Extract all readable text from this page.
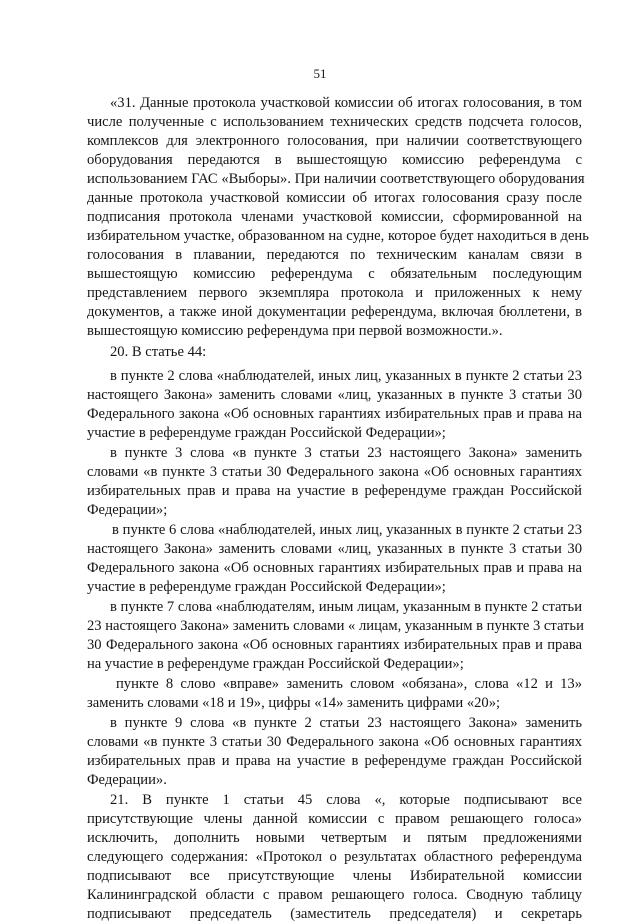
51
«31. Данные протокола участковой комиссии об итогах голосования, в том
числе полученные с использованием технических средств подсчета голосов,
комплексов для электронного голосования, при наличии соответствующего
оборудования передаются в вышестоящую комиссию референдума с
использованием ГАС «Выборы». При наличии соответствующего оборудования
данные протокола участковой комиссии об итогах голосования сразу после
подписания протокола членами участковой комиссии, сформированной на
избирательном участке, образованном на судне, которое будет находиться в день
голосования в плавании, передаются по техническим каналам связи в
вышестоящую комиссию референдума с обязательным последующим
представлением первого экземпляра протокола и приложенных к нему
документов, а также иной документации референдума, включая бюллетени, в
вышестоящую комиссию референдума при первой возможности.».
20. В статье 44:
в пункте 2 слова «наблюдателей, иных лиц, указанных в пункте 2 статьи 23
настоящего Закона» заменить словами «лиц, указанных в пункте 3 статьи 30
Федерального закона «Об основных гарантиях избирательных прав и права на
участие в референдуме граждан Российской Федерации»;
в пункте 3 слова «в пункте 3 статьи 23 настоящего Закона» заменить
словами «в пункте 3 статьи 30 Федерального закона «Об основных гарантиях
избирательных прав и права на участие в референдуме граждан Российской
Федерации»;
в пункте 6 слова «наблюдателей, иных лиц, указанных в пункте 2 статьи 23
настоящего Закона» заменить словами «лиц, указанных в пункте 3 статьи 30
Федерального закона «Об основных гарантиях избирательных прав и права на
участие в референдуме граждан Российской Федерации»;
в пункте 7 слова «наблюдателям, иным лицам, указанным в пункте 2 статьи
23 настоящего Закона» заменить словами « лицам, указанным в пункте 3 статьи
30 Федерального закона «Об основных гарантиях избирательных прав и права
на участие в референдуме граждан Российской Федерации»;
пункте 8 слово «вправе» заменить словом «обязана», слова «12 и 13»
заменить словами «18 и 19», цифры «14» заменить цифрами «20»;
в пункте 9 слова «в пункте 2 статьи 23 настоящего Закона» заменить
словами «в пункте 3 статьи 30 Федерального закона «Об основных гарантиях
избирательных прав и права на участие в референдуме граждан Российской
Федерации».
21. В пункте 1 статьи 45 слова «, которые подписывают все
присутствующие члены данной комиссии с правом решающего голоса»
исключить, дополнить новыми четвертым и пятым предложениями
следующего содержания: «Протокол о результатах областного референдума
подписывают все присутствующие члены Избирательной комиссии
Калининградской области с правом решающего голоса. Сводную таблицу
подписывают председатель (заместитель председателя) и секретарь
